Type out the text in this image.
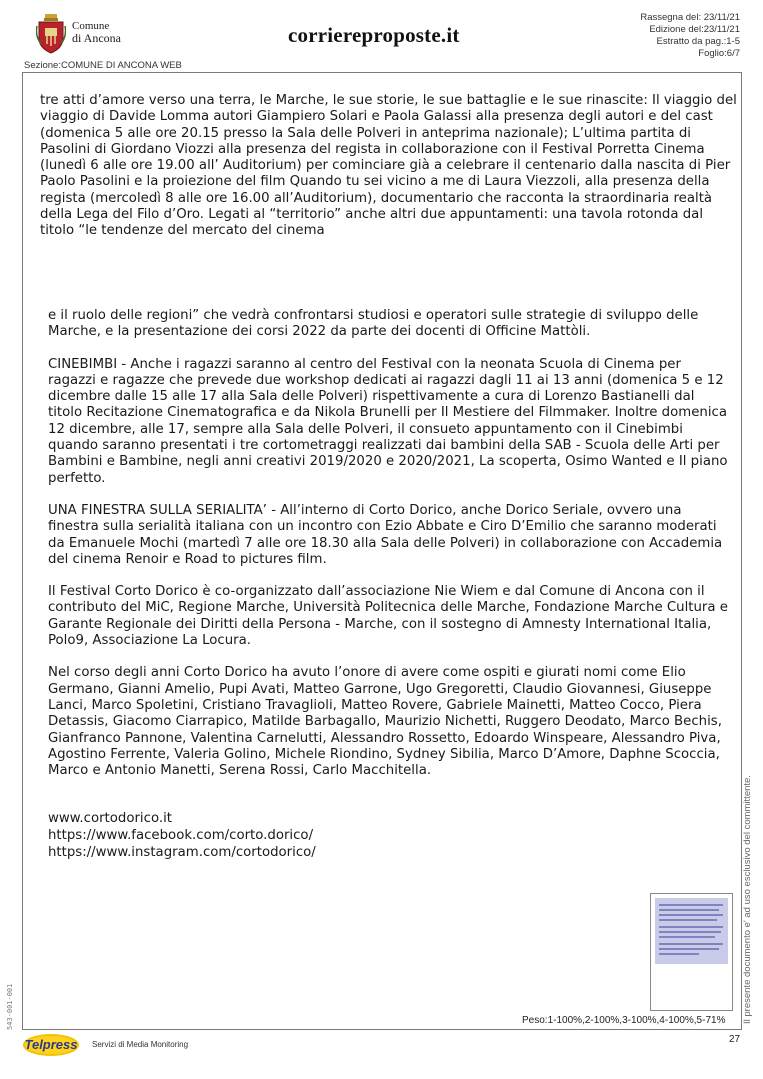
Comune
di Ancona	corriereproposte.it
Rassegna del: 23/11/21
Edizione del:23/11/21
Estratto da pag.:1-5
Foglio:6/7
Sezione:COMUNE DI ANCONA WEB

tre atti d’amore verso una terra, le Marche, le sue storie, le sue battaglie e le sue rinascite: Il viaggio del viaggio di Davide Lomma autori Giampiero Solari e Paola Galassi alla presenza degli autori e del cast (domenica 5 alle ore 20.15 presso la Sala delle Polveri in anteprima nazionale); L’ultima partita di Pasolini di Giordano Viozzi alla presenza del regista in collaborazione con il Festival Porretta Cinema (lunedì 6 alle ore 19.00 all’ Auditorium) per cominciare già a celebrare il centenario dalla nascita di Pier Paolo Pasolini e la proiezione del film Quando tu sei vicino a me di Laura Viezzoli, alla presenza della regista (mercoledì 8 alle ore 16.00 all’Auditorium), documentario che racconta la straordinaria realtà della Lega del Filo d’Oro. Legati al “territorio” anche altri due appuntamenti: una tavola rotonda dal titolo “le tendenze del mercato del cinema

e il ruolo delle regioni” che vedrà confrontarsi studiosi e operatori sulle strategie di sviluppo delle Marche, e la presentazione dei corsi 2022 da parte dei docenti di Officine Mattòli.

CINEBIMBI - Anche i ragazzi saranno al centro del Festival con la neonata Scuola di Cinema per ragazzi e ragazze che prevede due workshop dedicati ai ragazzi dagli 11 ai 13 anni (domenica 5 e 12 dicembre dalle 15 alle 17 alla Sala delle Polveri) rispettivamente a cura di Lorenzo Bastianelli dal titolo Recitazione Cinematografica e da Nikola Brunelli per Il Mestiere del Filmmaker. Inoltre domenica 12 dicembre, alle 17, sempre alla Sala delle Polveri, il consueto appuntamento con il Cinebimbi quando saranno presentati i tre cortometraggi realizzati dai bambini della SAB - Scuola delle Arti per Bambini e Bambine, negli anni creativi 2019/2020 e 2020/2021, La scoperta, Osimo Wanted e Il piano perfetto.

UNA FINESTRA SULLA SERIALITA’ - All’interno di Corto Dorico, anche Dorico Seriale, ovvero una finestra sulla serialità italiana con un incontro con Ezio Abbate e Ciro D’Emilio che saranno moderati da Emanuele Mochi (martedì 7 alle ore 18.30 alla Sala delle Polveri) in collaborazione con Accademia del cinema Renoir e Road to pictures film.

Il Festival Corto Dorico è co-organizzato dall’associazione Nie Wiem e dal Comune di Ancona con il contributo del MiC, Regione Marche, Università Politecnica delle Marche, Fondazione Marche Cultura e Garante Regionale dei Diritti della Persona - Marche, con il sostegno di Amnesty International Italia, Polo9, Associazione La Locura.

Nel corso degli anni Corto Dorico ha avuto l’onore di avere come ospiti e giurati nomi come Elio Germano, Gianni Amelio, Pupi Avati, Matteo Garrone, Ugo Gregoretti, Claudio Giovannesi, Giuseppe Lanci, Marco Spoletini, Cristiano Travaglioli, Matteo Rovere, Gabriele Mainetti, Matteo Cocco, Piera Detassis, Giacomo Ciarrapico, Matilde Barbagallo, Maurizio Nichetti, Ruggero Deodato, Marco Bechis, Gianfranco Pannone, Valentina Carnelutti, Alessandro Rossetto, Edoardo Winspeare, Alessandro Piva, Agostino Ferrente, Valeria Golino, Michele Riondino, Sydney Sibilia, Marco D’Amore, Daphne Scoccia, Marco e Antonio Manetti, Serena Rossi, Carlo Macchitella.

www.cortodorico.it
https://www.facebook.com/corto.dorico/
https://www.instagram.com/cortodorico/
Peso:1-100%,2-100%,3-100%,4-100%,5-71% Il presente documento e' ad uso esclusivo del committente.
543-001-001
Telpress	Servizi di Media Monitoring	27
